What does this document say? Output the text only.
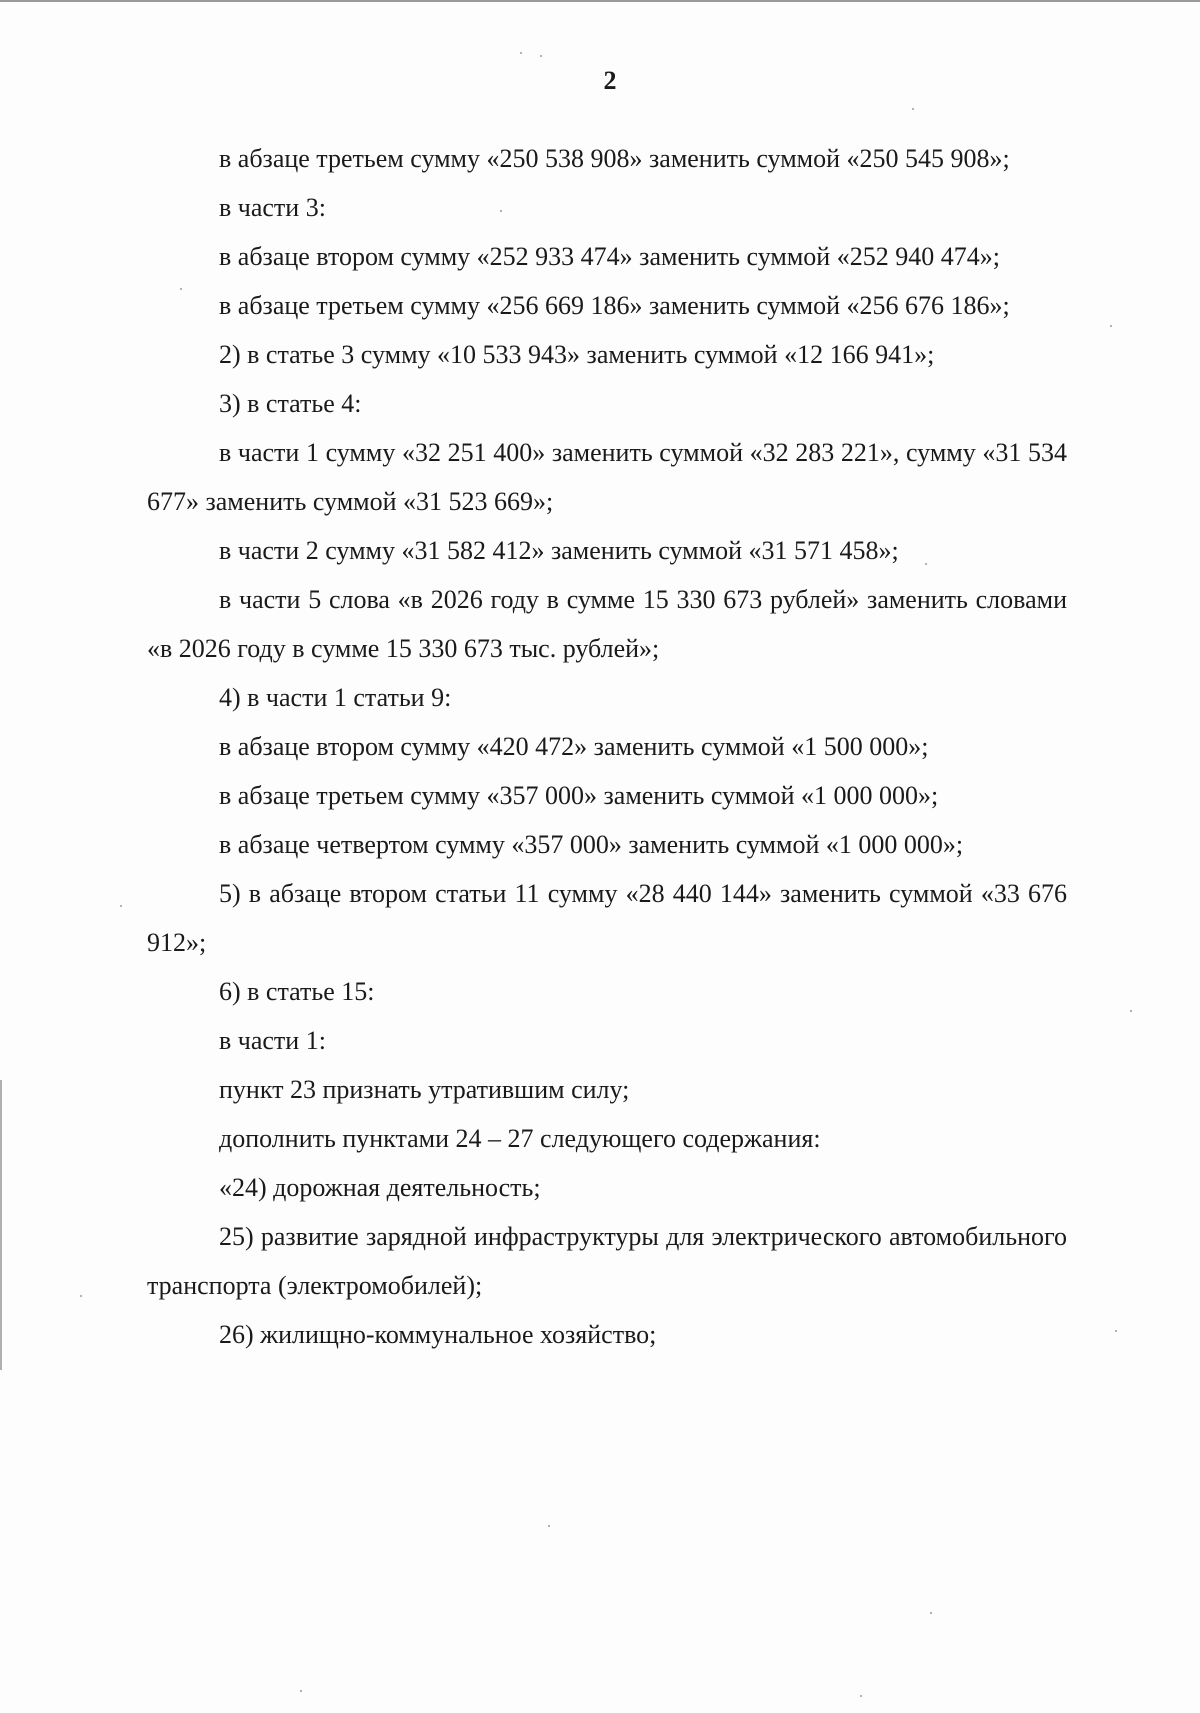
2

в абзаце третьем сумму «250 538 908» заменить суммой «250 545 908»;

в части 3:

в абзаце втором сумму «252 933 474» заменить суммой «252 940 474»;

в абзаце третьем сумму «256 669 186» заменить суммой «256 676 186»;

2) в статье 3 сумму «10 533 943» заменить суммой «12 166 941»;

3) в статье 4:

в части 1 сумму «32 251 400» заменить суммой «32 283 221», сумму «31 534 677» заменить суммой «31 523 669»;

в части 2 сумму «31 582 412» заменить суммой «31 571 458»;

в части 5 слова «в 2026 году в сумме 15 330 673 рублей» заменить словами «в 2026 году в сумме 15 330 673 тыс. рублей»;

4) в части 1 статьи 9:

в абзаце втором сумму «420 472» заменить суммой «1 500 000»;

в абзаце третьем сумму «357 000» заменить суммой «1 000 000»;

в абзаце четвертом сумму «357 000» заменить суммой «1 000 000»;

5) в абзаце втором статьи 11 сумму «28 440 144» заменить суммой «33 676 912»;

6) в статье 15:

в части 1:

пункт 23 признать утратившим силу;

дополнить пунктами 24 – 27 следующего содержания:

«24) дорожная деятельность;

25) развитие зарядной инфраструктуры для электрического автомобильного транспорта (электромобилей);

26) жилищно-коммунальное хозяйство;
